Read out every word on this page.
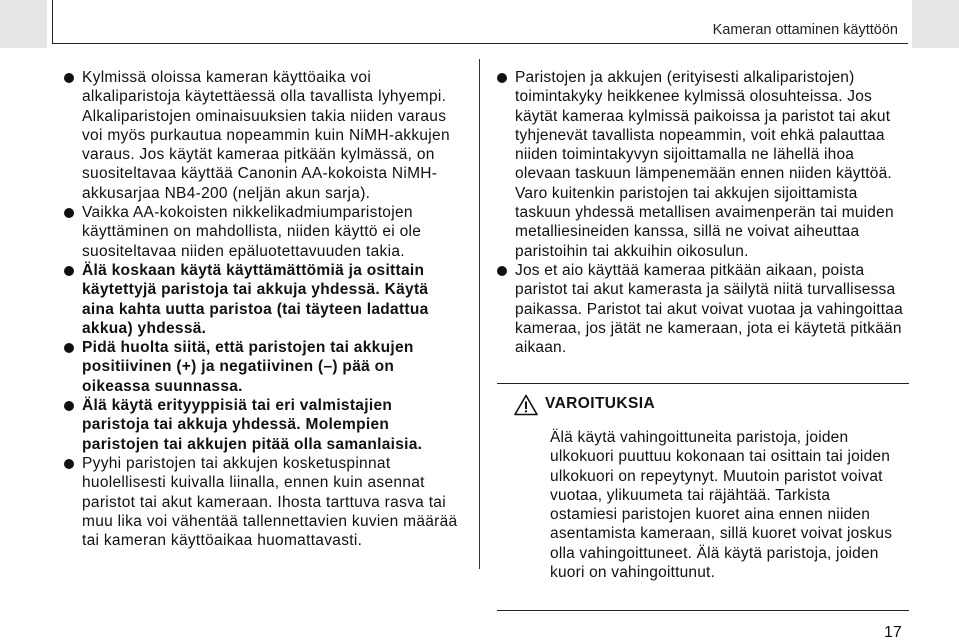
Kameran ottaminen käyttöön
Kylmissä oloissa kameran käyttöaika voi alkaliparistoja käytettäessä olla tavallista lyhyempi. Alkaliparistojen ominaisuuksien takia niiden varaus voi myös purkautua nopeammin kuin NiMH-akkujen varaus. Jos käytät kameraa pitkään kylmässä, on suositeltavaa käyttää Canonin AA-kokoista NiMH-akkusarjaa NB4-200 (neljän akun sarja).
Vaikka AA-kokoisten nikkelikadmiumparistojen käyttäminen on mahdollista, niiden käyttö ei ole suositeltavaa niiden epäluotettavuuden takia.
Älä koskaan käytä käyttämättömiä ja osittain käytettyjä paristoja tai akkuja yhdessä. Käytä aina kahta uutta paristoa (tai täyteen ladattua akkua) yhdessä.
Pidä huolta siitä, että paristojen tai akkujen positiivinen (+) ja negatiivinen (–) pää on oikeassa suunnassa.
Älä käytä erityyppisiä tai eri valmistajien paristoja tai akkuja yhdessä. Molempien paristojen tai akkujen pitää olla samanlaisia.
Pyyhi paristojen tai akkujen kosketuspinnat huolellisesti kuivalla liinalla, ennen kuin asennat paristot tai akut kameraan. Ihosta tarttuva rasva tai muu lika voi vähentää tallennettavien kuvien määrää tai kameran käyttöaikaa huomattavasti.
Paristojen ja akkujen (erityisesti alkaliparistojen) toimintakyky heikkenee kylmissä olosuhteissa. Jos käytät kameraa kylmissä paikoissa ja paristot tai akut tyhjenevät tavallista nopeammin, voit ehkä palauttaa niiden toimintakyvyn sijoittamalla ne lähellä ihoa olevaan taskuun lämpenemään ennen niiden käyttöä. Varo kuitenkin paristojen tai akkujen sijoittamista taskuun yhdessä metallisen avaimenperän tai muiden metalliesineiden kanssa, sillä ne voivat aiheuttaa paristoihin tai akkuihin oikosulun.
Jos et aio käyttää kameraa pitkään aikaan, poista paristot tai akut kamerasta ja säilytä niitä turvallisessa paikassa. Paristot tai akut voivat vuotaa ja vahingoittaa kameraa, jos jätät ne kameraan, jota ei käytetä pitkään aikaan.
VAROITUKSIA
Älä käytä vahingoittuneita paristoja, joiden ulkokuori puuttuu kokonaan tai osittain tai joiden ulkokuori on repeytynyt. Muutoin paristot voivat vuotaa, ylikuumeta tai räjähtää. Tarkista ostamiesi paristojen kuoret aina ennen niiden asentamista kameraan, sillä kuoret voivat joskus olla vahingoittuneet. Älä käytä paristoja, joiden kuori on vahingoittunut.
17
